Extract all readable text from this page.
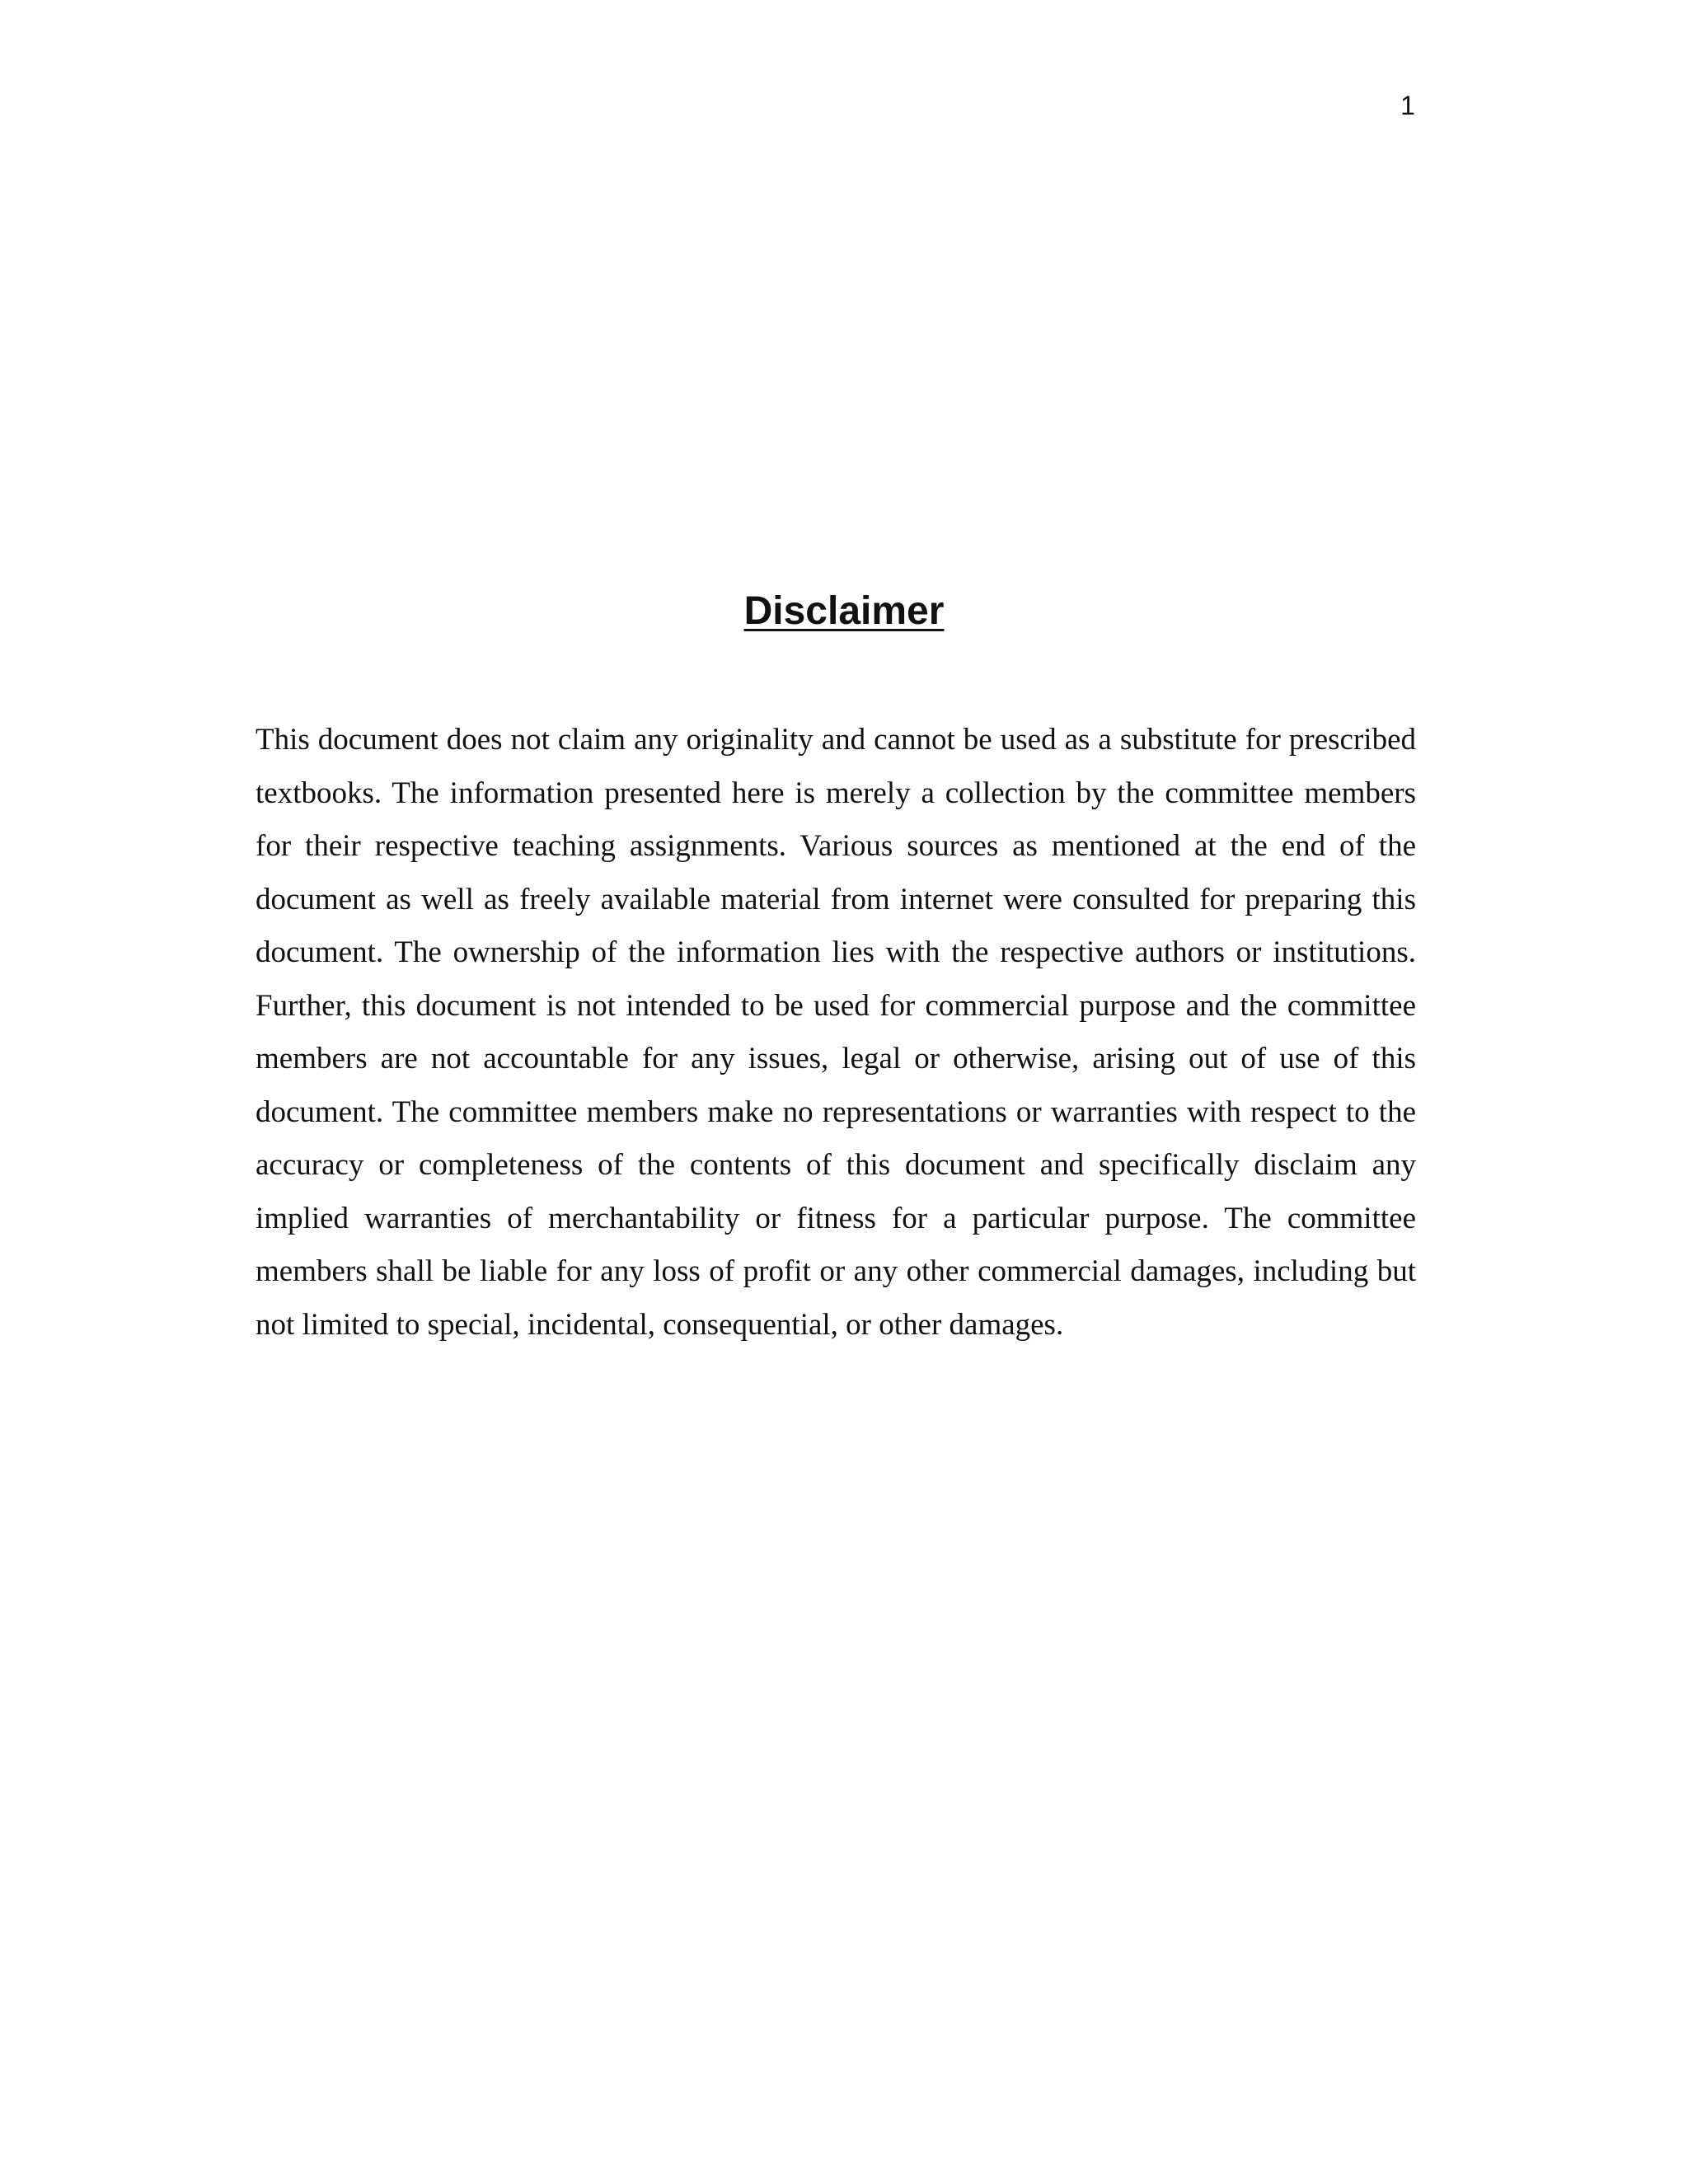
1
Disclaimer

This document does not claim any originality and cannot be used as a substitute for prescribed textbooks. The information presented here is merely a collection by the committee members for their respective teaching assignments. Various sources as mentioned at the end of the document as well as freely available material from internet were consulted for preparing this document. The ownership of the information lies with the respective authors or institutions. Further, this document is not intended to be used for commercial purpose and the committee members are not accountable for any issues, legal or otherwise, arising out of use of this document. The committee members make no representations or warranties with respect to the accuracy or completeness of the contents of this document and specifically disclaim any implied warranties of merchantability or fitness for a particular purpose. The committee members shall be liable for any loss of profit or any other commercial damages, including but not limited to special, incidental, consequential, or other damages.
